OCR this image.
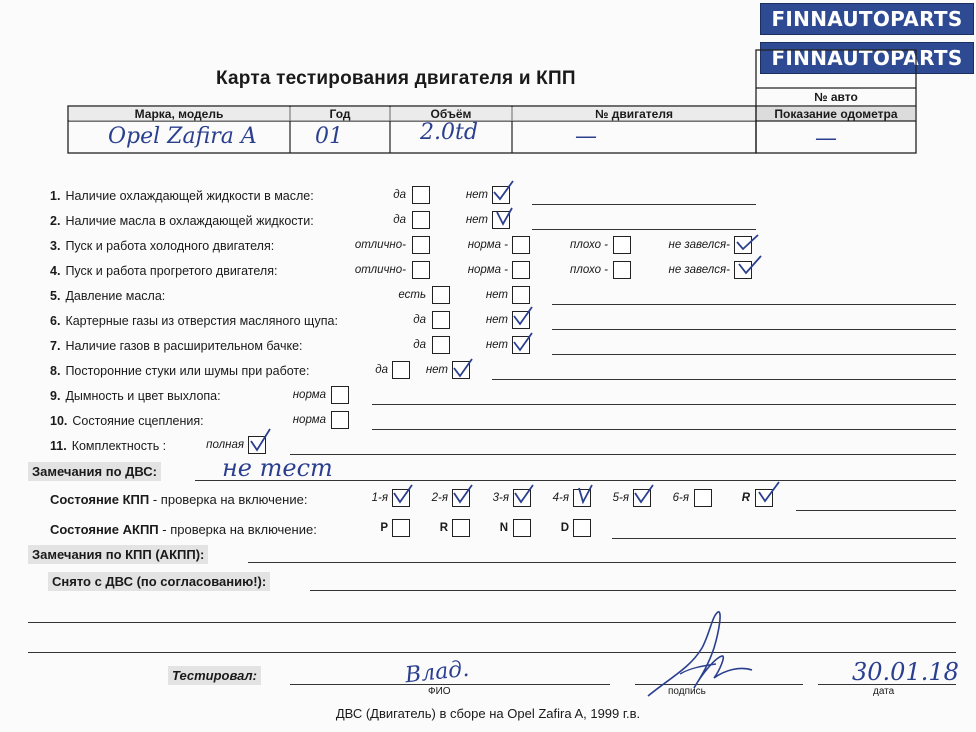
FINNAUTOPARTS
FINNAUTOPARTS
Карта тестирования двигателя и КПП
Марка, модель	Год	Объём	№ двигателя
№ авто
Показание одометра
Opel Zafira A	01	2.0td	—	—
1. Наличие охлаждающей жидкости в масле:	да	нет
2. Наличие масла в охлаждающей жидкости:	да	нет
3. Пуск и работа холодного двигателя:	отлично-	норма -	плохо -	не завелся-
4. Пуск и работа прогретого двигателя:	отлично-	норма -	плохо -	не завелся-
5. Давление масла:	есть	нет
6. Картерные газы из отверстия масляного щупа:	да	нет
7. Наличие газов в расширительном бачке:	да	нет
8. Посторонние стуки или шумы при работе:	да	нет
9. Дымность и цвет выхлопа:	норма
10. Состояние сцепления:	норма
11. Комплектность :	полная
Замечания по ДВС:	не тест
Состояние КПП - проверка на включение:	1-я	2-я	3-я	4-я	5-я	6-я	R
Состояние АКПП - проверка на включение:	P	R	N	D
Замечания по КПП (АКПП):
Снято с ДВС (по согласованию!):
Тестировал:
ФИО
Влад.
подпись	дата
30.01.18
ДВС (Двигатель) в сборе на Opel Zafira A, 1999 г.в.
